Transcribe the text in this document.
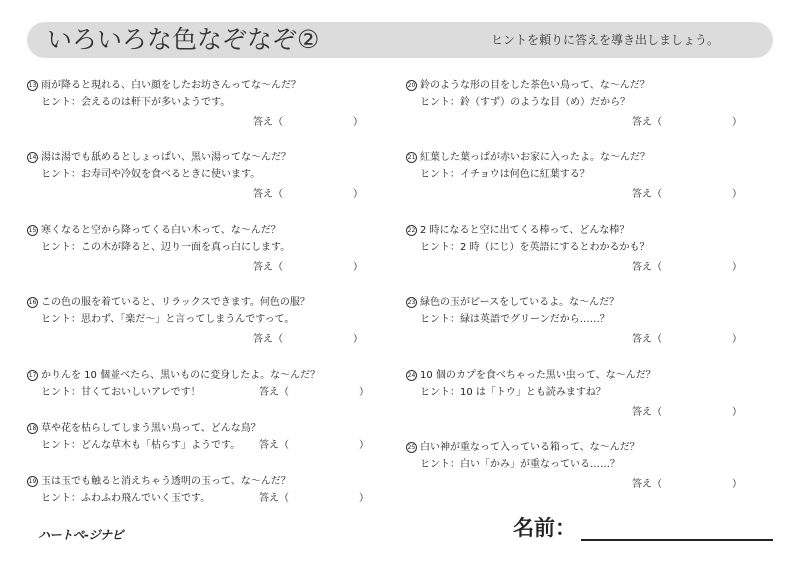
いろいろな色なぞなぞ②	ヒントを頼りに答えを導き出しましょう。
13 雨が降ると現れる、白い顔をしたお坊さんってな～んだ？
ヒント：会えるのは軒下が多いようです。
答え（	）
14 湯は湯でも舐めるとしょっぱい、黒い湯ってな～んだ？
ヒント：お寿司や冷奴を食べるときに使います。
答え（	）
15 寒くなると空から降ってくる白い木って、な～んだ？
ヒント：この木が降ると、辺り一面を真っ白にします。
答え（	）
16 この色の服を着ていると、リラックスできます。何色の服？
ヒント：思わず、「楽だ～」と言ってしまうんですって。
答え（	）
17 かりんを 10 個並べたら、黒いものに変身したよ。な～んだ？
ヒント：甘くておいしいアレです！	答え（	）
18 草や花を枯らしてしまう黒い鳥って、どんな鳥？
ヒント：どんな草木も「枯らす」ようです。 答え（	）
19 玉は玉でも触ると消えちゃう透明の玉って、な～んだ？
ヒント：ふわふわ飛んでいく玉です。	答え（	）
20 鈴のような形の目をした茶色い鳥って、な～んだ？
ヒント：鈴（すず）のような目（め）だから？
答え（	）
21 紅葉した葉っぱが赤いお家に入ったよ。な～んだ？
ヒント：イチョウは何色に紅葉する？
答え（	）
22 2 時になると空に出てくる棒って、どんな棒？
ヒント：2 時（にじ）を英語にするとわかるかも？
答え（	）
23 緑色の玉がピースをしているよ。な～んだ？
ヒント：緑は英語でグリーンだから……？
答え（	）
24 10 個のカプを食べちゃった黒い虫って、な～んだ？
ヒント：10 は「トウ」とも読みますね？
答え（	）
25 白い神が重なって入っている箱って、な～んだ？
ヒント：白い「かみ」が重なっている……？
答え（	）
ハートペ-ジナビ	名前：
